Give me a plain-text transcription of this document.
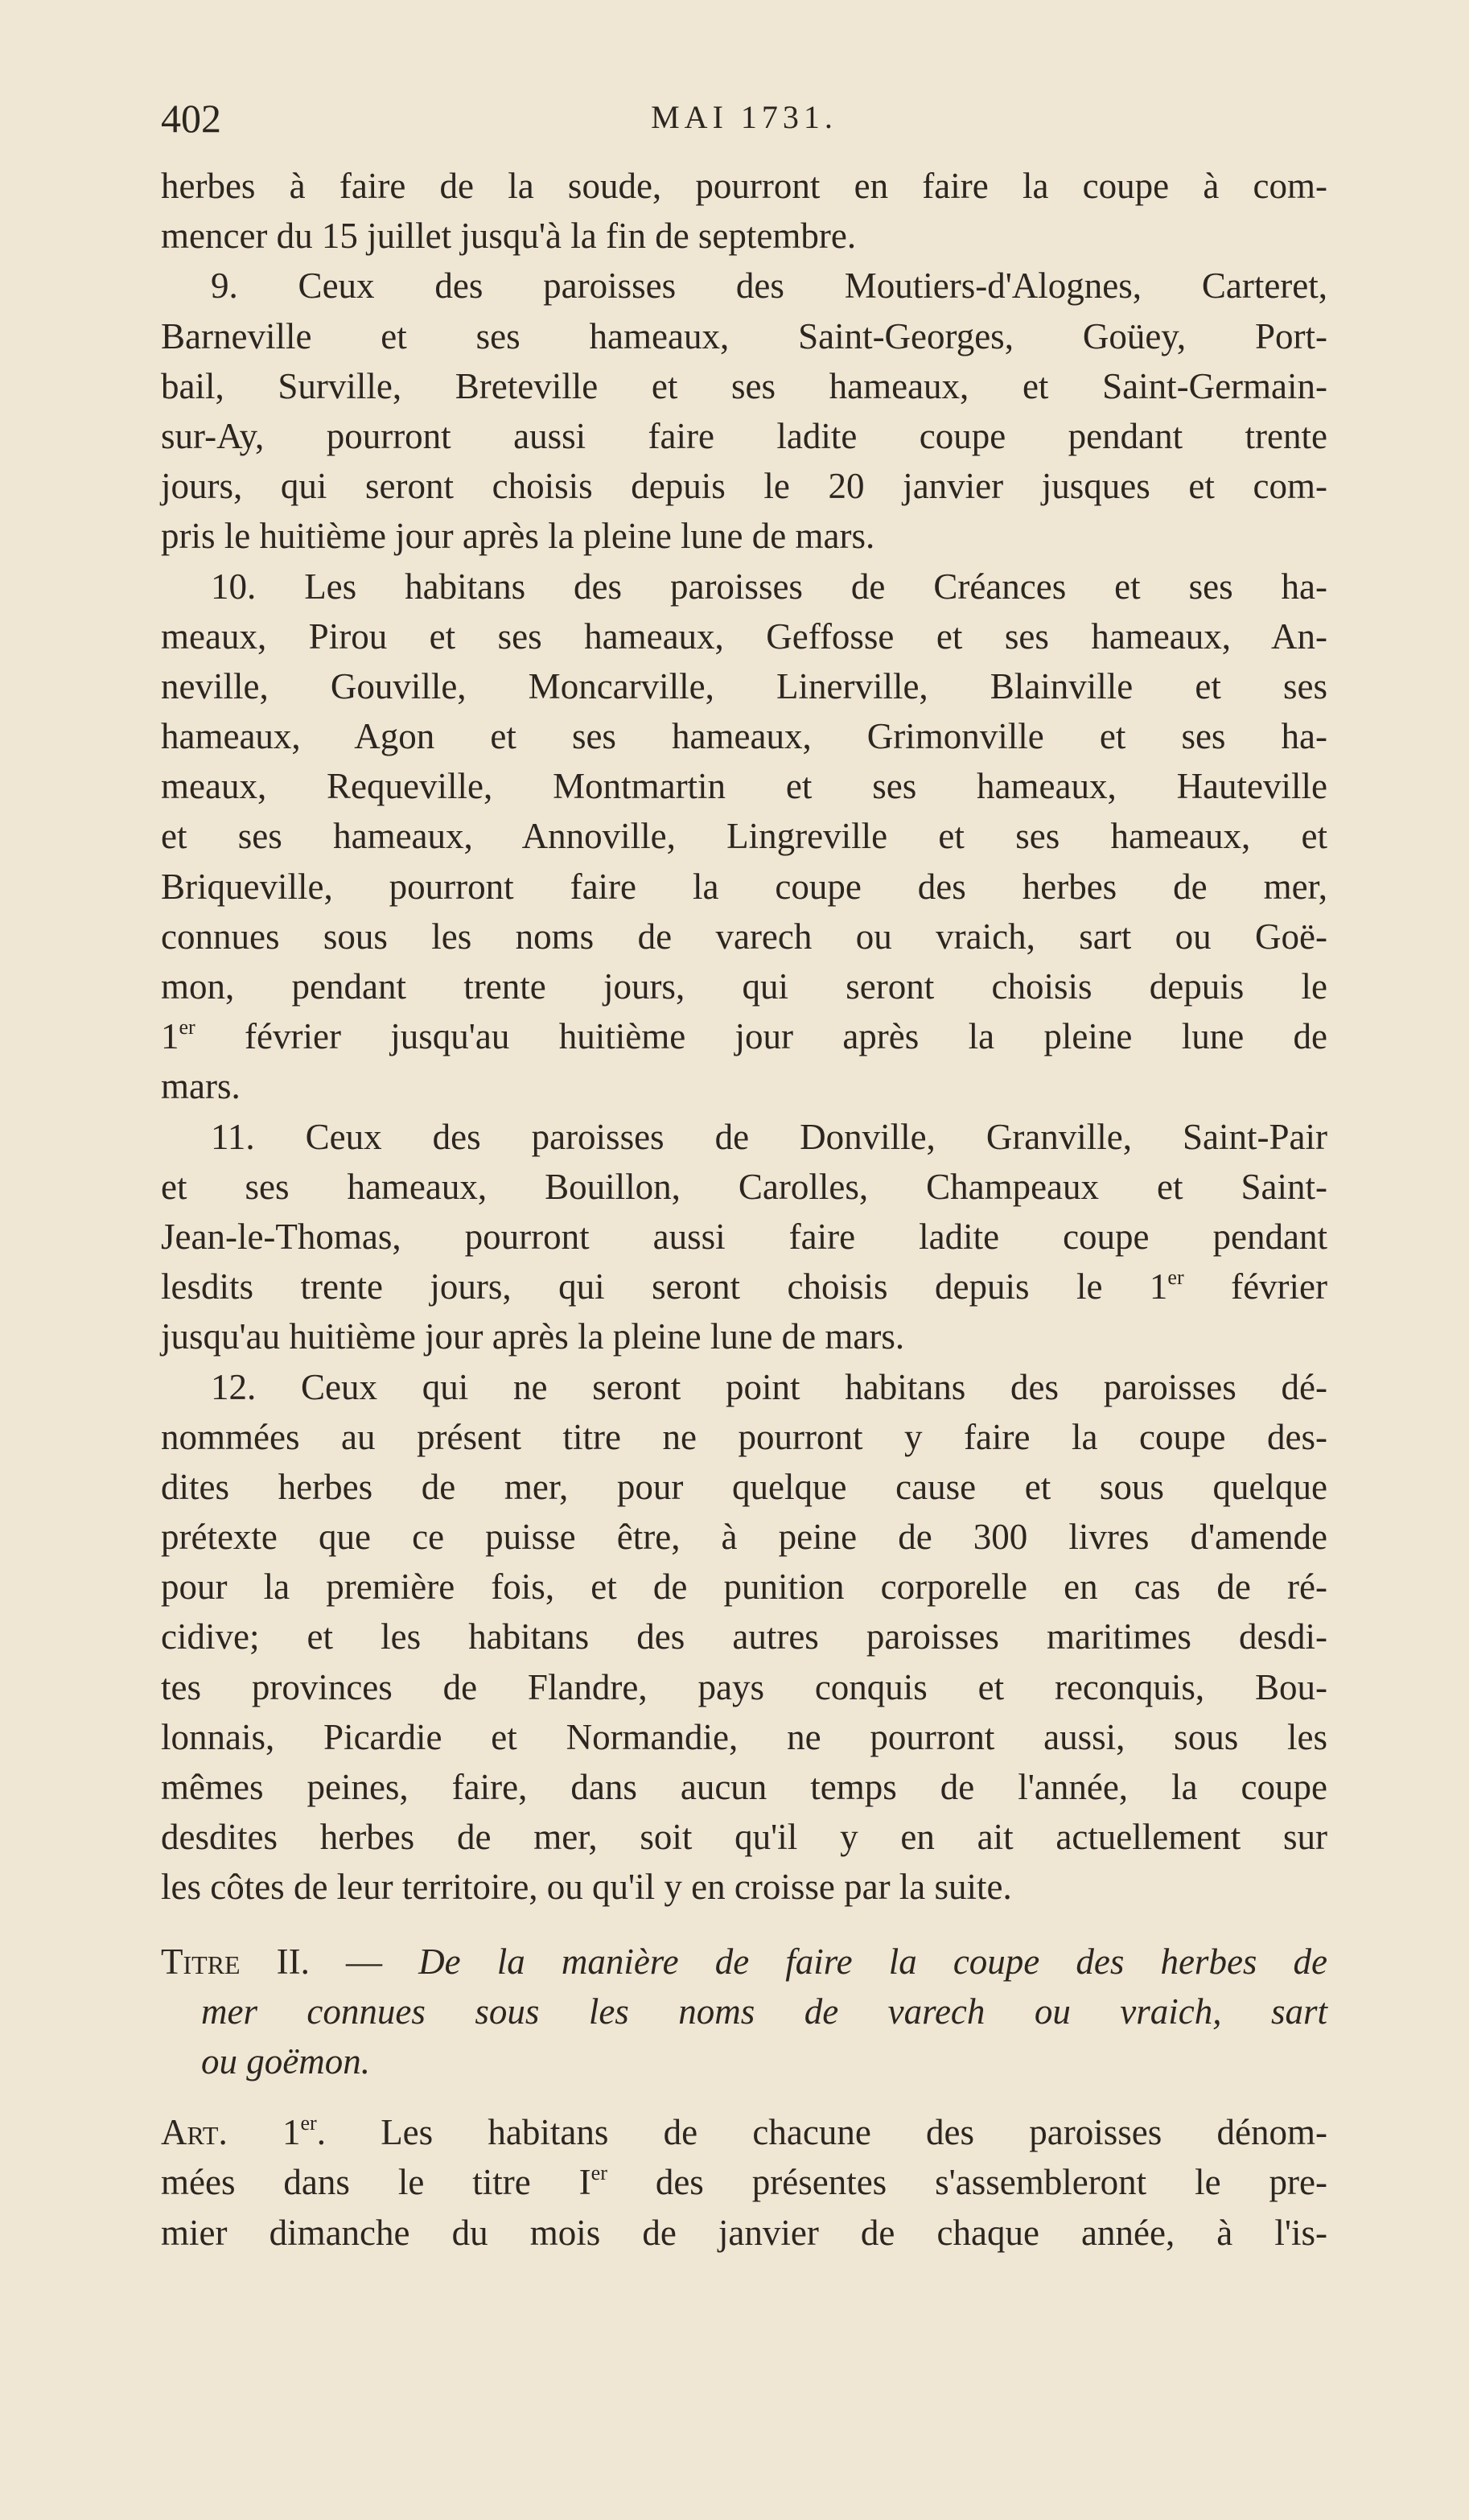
402	MAI 1731.
herbes à faire de la soude, pourront en faire la coupe à com-
mencer du 15 juillet jusqu'à la fin de septembre.
9. Ceux des paroisses des Moutiers-d'Alognes, Carteret,
Barneville et ses hameaux, Saint-Georges, Goüey, Port-
bail, Surville, Breteville et ses hameaux, et Saint-Germain-
sur-Ay, pourront aussi faire ladite coupe pendant trente
jours, qui seront choisis depuis le 20 janvier jusques et com-
pris le huitième jour après la pleine lune de mars.
10. Les habitans des paroisses de Créances et ses ha-
meaux, Pirou et ses hameaux, Geffosse et ses hameaux, An-
neville, Gouville, Moncarville, Linerville, Blainville et ses
hameaux, Agon et ses hameaux, Grimonville et ses ha-
meaux, Requeville, Montmartin et ses hameaux, Hauteville
et ses hameaux, Annoville, Lingreville et ses hameaux, et
Briqueville, pourront faire la coupe des herbes de mer,
connues sous les noms de varech ou vraich, sart ou Goë-
mon, pendant trente jours, qui seront choisis depuis le
1er février jusqu'au huitième jour après la pleine lune de
mars.
11. Ceux des paroisses de Donville, Granville, Saint-Pair
et ses hameaux, Bouillon, Carolles, Champeaux et Saint-
Jean-le-Thomas, pourront aussi faire ladite coupe pendant
lesdits trente jours, qui seront choisis depuis le 1er février
jusqu'au huitième jour après la pleine lune de mars.
12. Ceux qui ne seront point habitans des paroisses dé-
nommées au présent titre ne pourront y faire la coupe des-
dites herbes de mer, pour quelque cause et sous quelque
prétexte que ce puisse être, à peine de 300 livres d'amende
pour la première fois, et de punition corporelle en cas de ré-
cidive; et les habitans des autres paroisses maritimes desdi-
tes provinces de Flandre, pays conquis et reconquis, Bou-
lonnais, Picardie et Normandie, ne pourront aussi, sous les
mêmes peines, faire, dans aucun temps de l'année, la coupe
desdites herbes de mer, soit qu'il y en ait actuellement sur
les côtes de leur territoire, ou qu'il y en croisse par la suite.
Titre II. — De la manière de faire la coupe des herbes de
mer connues sous les noms de varech ou vraich, sart
ou goëmon.
Art. 1er. Les habitans de chacune des paroisses dénom-
mées dans le titre Ier des présentes s'assembleront le pre-
mier dimanche du mois de janvier de chaque année, à l'is-
